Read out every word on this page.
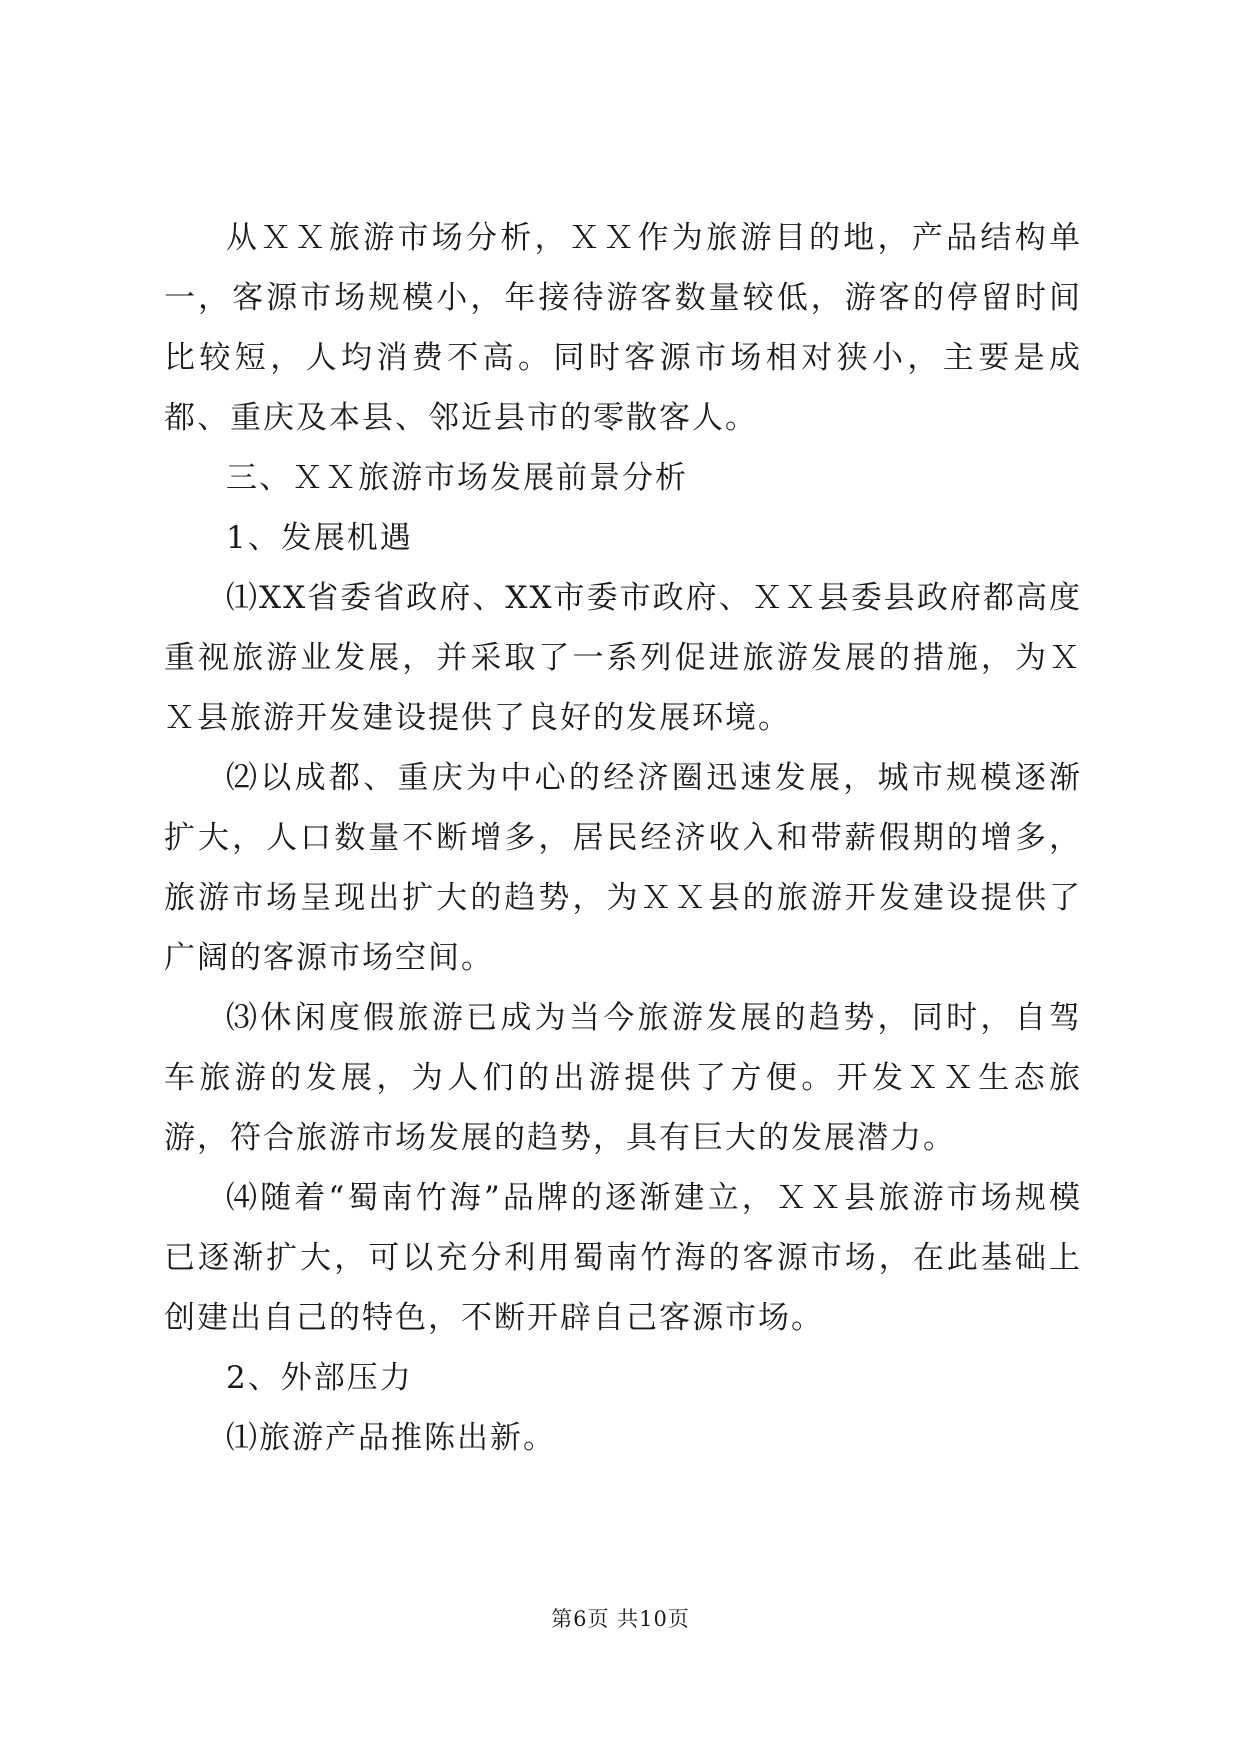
从ＸＸ旅游市场分析，ＸＸ作为旅游目的地，产品结构单一，客源市场规模小，年接待游客数量较低，游客的停留时间比较短，人均消费不高。同时客源市场相对狭小，主要是成都、重庆及本县、邻近县市的零散客人。

三、ＸＸ旅游市场发展前景分析

1、发展机遇

⑴XX省委省政府、XX市委市政府、ＸＸ县委县政府都高度重视旅游业发展，并采取了一系列促进旅游发展的措施，为ＸＸ县旅游开发建设提供了良好的发展环境。

⑵以成都、重庆为中心的经济圈迅速发展，城市规模逐渐扩大，人口数量不断增多，居民经济收入和带薪假期的增多，旅游市场呈现出扩大的趋势，为ＸＸ县的旅游开发建设提供了广阔的客源市场空间。

⑶休闲度假旅游已成为当今旅游发展的趋势，同时，自驾车旅游的发展，为人们的出游提供了方便。开发ＸＸ生态旅游，符合旅游市场发展的趋势，具有巨大的发展潜力。

⑷随着“蜀南竹海”品牌的逐渐建立，ＸＸ县旅游市场规模已逐渐扩大，可以充分利用蜀南竹海的客源市场，在此基础上创建出自己的特色，不断开辟自己客源市场。

2、外部压力

⑴旅游产品推陈出新。

第6页 共10页
